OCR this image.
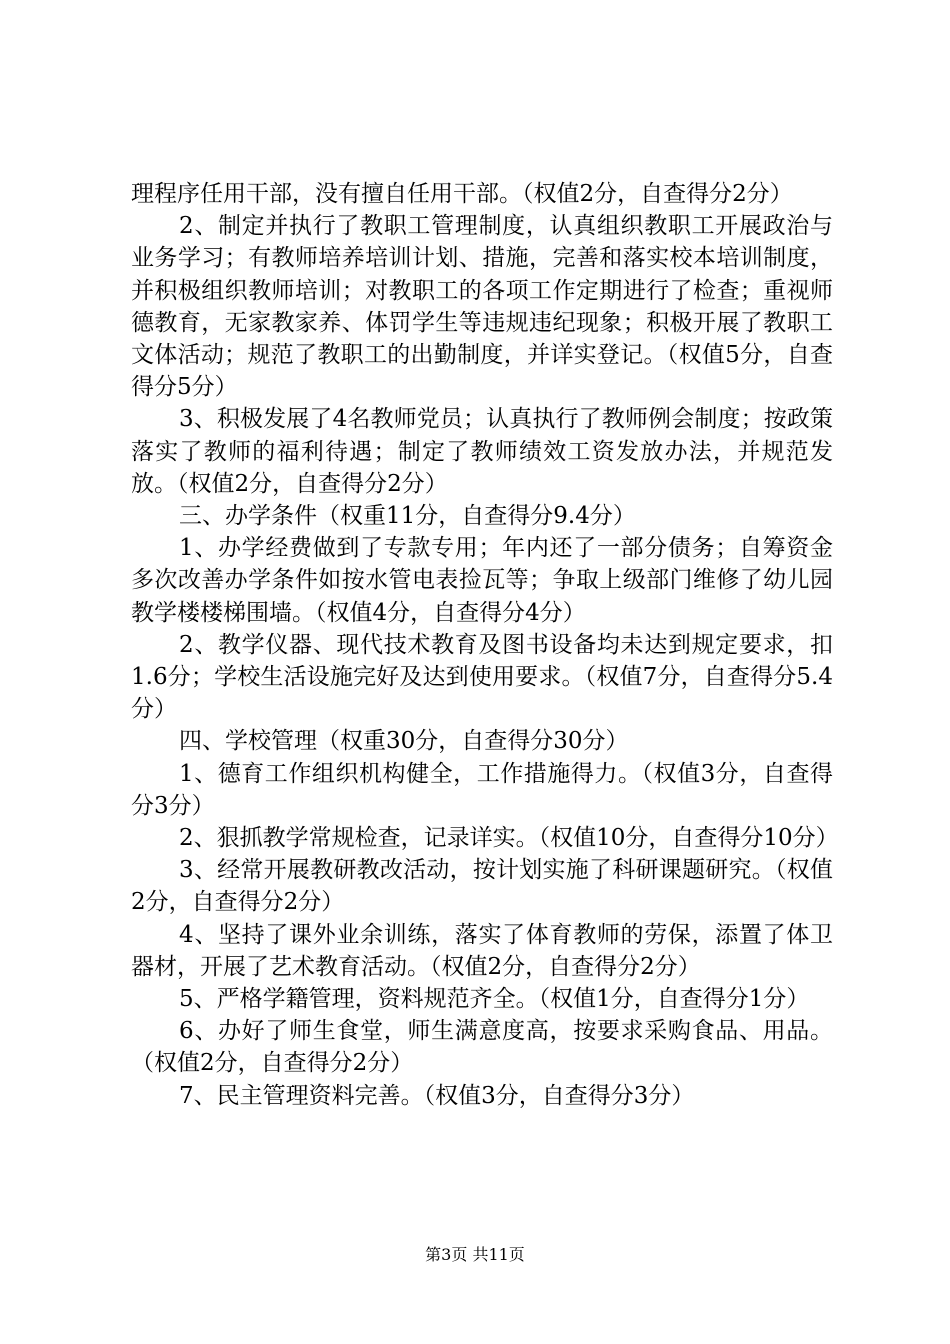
理程序任用干部，没有擅自任用干部。（权值2分，自查得分2分）

2、制定并执行了教职工管理制度，认真组织教职工开展政治与业务学习；有教师培养培训计划、措施，完善和落实校本培训制度，并积极组织教师培训；对教职工的各项工作定期进行了检查；重视师德教育，无家教家养、体罚学生等违规违纪现象；积极开展了教职工文体活动；规范了教职工的出勤制度，并详实登记。（权值5分，自查得分5分）

3、积极发展了4名教师党员；认真执行了教师例会制度；按政策落实了教师的福利待遇；制定了教师绩效工资发放办法，并规范发放。（权值2分，自查得分2分）

三、办学条件（权重11分，自查得分9.4分）

1、办学经费做到了专款专用；年内还了一部分债务；自筹资金多次改善办学条件如按水管电表捡瓦等；争取上级部门维修了幼儿园教学楼楼梯围墙。（权值4分，自查得分4分）

2、教学仪器、现代技术教育及图书设备均未达到规定要求，扣1.6分；学校生活设施完好及达到使用要求。（权值7分，自查得分5.4分）

四、学校管理（权重30分，自查得分30分）

1、德育工作组织机构健全，工作措施得力。（权值3分，自查得分3分）

2、狠抓教学常规检查，记录详实。（权值10分，自查得分10分）

3、经常开展教研教改活动，按计划实施了科研课题研究。（权值2分，自查得分2分）

4、坚持了课外业余训练，落实了体育教师的劳保，添置了体卫器材，开展了艺术教育活动。（权值2分，自查得分2分）

5、严格学籍管理，资料规范齐全。（权值1分，自查得分1分）

6、办好了师生食堂，师生满意度高，按要求采购食品、用品。（权值2分，自查得分2分）

7、民主管理资料完善。（权值3分，自查得分3分）

第3页 共11页
